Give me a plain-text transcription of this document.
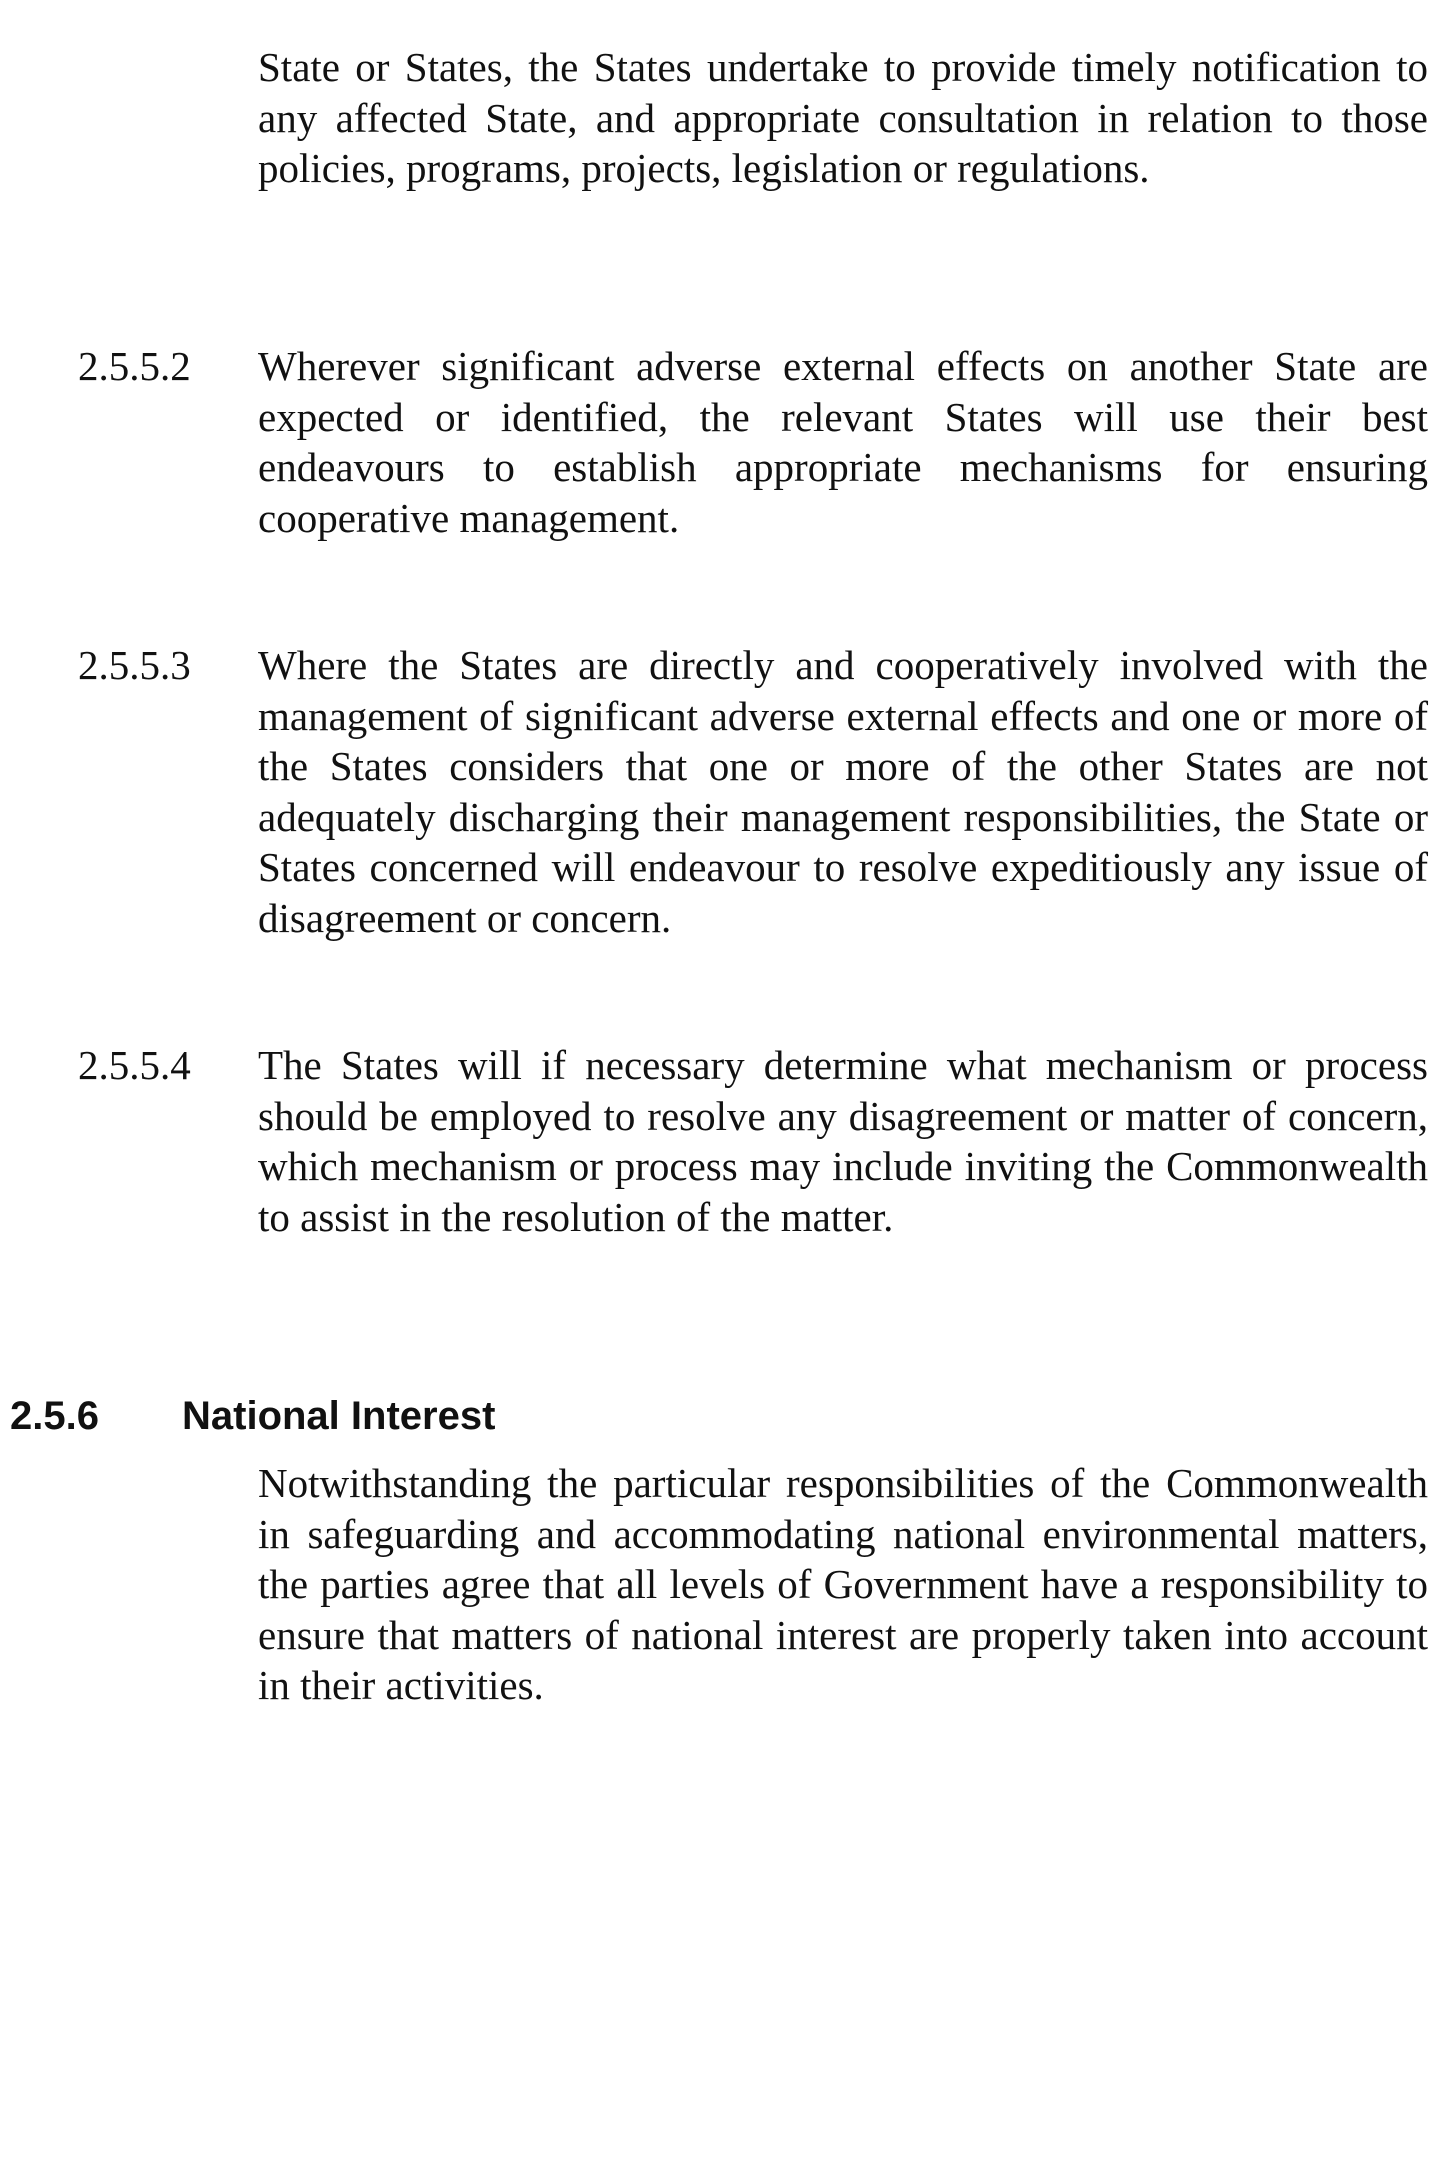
State or States, the States undertake to provide timely notification to any affected State, and appropriate consultation in relation to those policies, programs, projects, legislation or regulations.

2.5.5.2 Wherever significant adverse external effects on another State are expected or identified, the relevant States will use their best endeavours to establish appropriate mechanisms for ensuring cooperative management.

2.5.5.3 Where the States are directly and cooperatively involved with the management of significant adverse external effects and one or more of the States considers that one or more of the other States are not adequately discharging their management responsibilities, the State or States concerned will endeavour to resolve expeditiously any issue of disagreement or concern.

2.5.5.4 The States will if necessary determine what mechanism or process should be employed to resolve any disagreement or matter of concern, which mechanism or process may include inviting the Commonwealth to assist in the resolution of the matter.

2.5.6 National Interest

Notwithstanding the particular responsibilities of the Commonwealth in safeguarding and accommodating national environmental matters, the parties agree that all levels of Government have a responsibility to ensure that matters of national interest are properly taken into account in their activities.
